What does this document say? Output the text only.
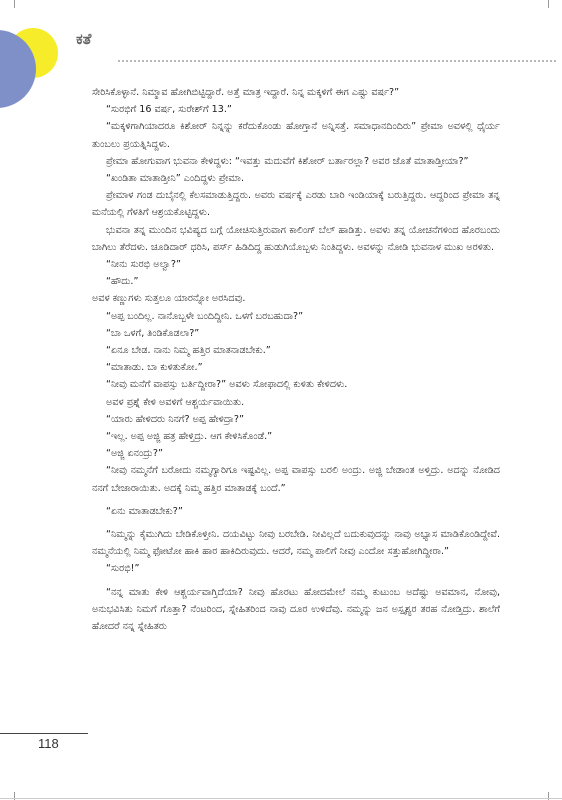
ಕತೆ

ಸೇರಿಸಿಕೊಳ್ಳಾನೆ. ನಿಮ್ಮಾವ ಹೋಗಿಬಿಟ್ಟಿದ್ದಾರೆ. ಅತ್ತೆ ಮಾತ್ರ ಇದ್ದಾರೆ. ನಿನ್ನ ಮಕ್ಕಳಿಗೆ ಈಗ ಎಷ್ಟು ವರ್ಷ?”

“ಸುರಭಿಗೆ 16 ವರ್ಷ, ಸುರೇಶ್‌ಗೆ 13.”

“ಮಕ್ಕಳಿಗಾಗಿಯಾದರೂ ಕಿಶೋರ್ ನಿನ್ನನ್ನು ಕರೆದುಕೊಂಡು ಹೋಗ್ತಾನೆ ಅನ್ನಿಸತ್ತೆ. ಸಮಾಧಾನದಿಂದಿರು” ಪ್ರೇಮಾ ಅವಳಲ್ಲಿ ಧೈರ್ಯ ತುಂಬಲು ಪ್ರಯತ್ನಿಸಿದ್ದಳು.

ಪ್ರೇಮಾ ಹೋಗುವಾಗ ಭುವನಾ ಕೇಳಿದ್ದಳು: “ಇವತ್ತು ಮದುವೆಗೆ ಕಿಶೋರ್ ಬರ್ತಾರಲ್ಲಾ? ಅವರ ಜೊತೆ ಮಾತಾಡ್ತೀಯಾ?”

“ಖಂಡಿತಾ ಮಾತಾಡ್ತೀನಿ” ಎಂದಿದ್ದಳು ಪ್ರೇಮಾ.

ಪ್ರೇಮಾಳ ಗಂಡ ದುಬೈನಲ್ಲಿ ಕೆಲಸಮಾಡುತ್ತಿದ್ದರು. ಅವರು ವರ್ಷಕ್ಕೆ ಎರಡು ಬಾರಿ ಇಂಡಿಯಾಕ್ಕೆ ಬರುತ್ತಿದ್ದರು. ಆದ್ದರಿಂದ ಪ್ರೇಮಾ ತನ್ನ ಮನೆಯಲ್ಲಿ ಗೆಳತಿಗೆ ಆಶ್ರಯಕೊಟ್ಟಿದ್ದಳು.

ಭುವನಾ ತನ್ನ ಮುಂದಿನ ಭವಿಷ್ಯದ ಬಗ್ಗೆ ಯೋಚಿಸುತ್ತಿರುವಾಗ ಕಾಲಿಂಗ್ ಬೆಲ್ ಹಾಡಿತ್ತು. ಅವಳು ತನ್ನ ಯೋಚನೆಗಳಿಂದ ಹೊರಬಂದು ಬಾಗಿಲು ತೆರೆದಳು. ಚೂಡಿದಾರ್ ಧರಿಸಿ, ಪರ್ಸ್ ಹಿಡಿದಿದ್ದ ಹುಡುಗಿಯೊಬ್ಬಳು ನಿಂತಿದ್ದಳು. ಅವಳನ್ನು ನೋಡಿ ಭುವನಾಳ ಮುಖ ಅರಳಿತು.

“ನೀನು ಸುರಭಿ ಅಲ್ವಾ?”

“ಹೌದು.”

ಅವಳ ಕಣ್ಣುಗಳು ಸುತ್ತಲೂ ಯಾರನ್ನೋ ಅರಸಿದವು.

“ಅಪ್ಪ ಬಂದಿಲ್ಲ. ನಾನೊಬ್ಬಳೇ ಬಂದಿದ್ದೀನಿ. ಒಳಗೆ ಬರಬಹುದಾ?”

“ಬಾ ಒಳಗೆ, ತಿಂಡಿಕೊಡಲಾ?”

“ಏನೂ ಬೇಡ. ನಾನು ನಿಮ್ಮ ಹತ್ತಿರ ಮಾತನಾಡಬೇಕು.”

“ಮಾತಾಡು. ಬಾ ಕುಳಿತುಕೋ.”

“ನೀವು ಮನೆಗೆ ವಾಪಸ್ಸು ಬರ್ತಿದ್ದೀರಾ?” ಅವಳು ಸೋಫಾದಲ್ಲಿ ಕುಳಿತು ಕೇಳಿದಳು.

ಅವಳ ಪ್ರಶ್ನೆ ಕೇಳಿ ಅವಳಿಗೆ ಆಶ್ಚರ್ಯವಾಯಿತು.

“ಯಾರು ಹೇಳಿದರು ನಿನಗೆ? ಅಪ್ಪ ಹೇಳಿದ್ರಾ?”

“ಇಲ್ಲ. ಅಪ್ಪ ಅಜ್ಜಿ ಹತ್ರ ಹೇಳ್ತಿದ್ರು. ಆಗ ಕೇಳಿಸಿಕೊಂಡೆ.”

“ಅಜ್ಜಿ ಏನಂದ್ರು?”

“ನೀವು ನಮ್ಮನೆಗೆ ಬರೋದು ನಮ್ಮಗ್ಯಾರಿಗೂ ಇಷ್ಟವಿಲ್ಲ. ಅಪ್ಪ ವಾಪಸ್ಸು ಬರಲಿ ಅಂದ್ರು. ಅಜ್ಜಿ ಬೇಡಾಂತ ಅಳ್ತಿದ್ರು. ಅದನ್ನು ನೋಡಿದ ನನಗೆ ಬೇಜಾರಾಯಿತು. ಅದಕ್ಕೆ ನಿಮ್ಮ ಹತ್ತಿರ ಮಾತಾಡಕ್ಕೆ ಬಂದೆ.”

“ಏನು ಮಾತಾಡಬೇಕು?”

“ನಿಮ್ಮನ್ನು ಕೈಮುಗಿದು ಬೇಡಿಕೊಳ್ತೀನಿ. ದಯವಿಟ್ಟು ನೀವು ಬರಬೇಡಿ. ನೀವಿಲ್ಲದೆ ಬದುಕುವುದನ್ನು ನಾವು ಅಭ್ಯಾಸ ಮಾಡಿಕೊಂಡಿದ್ದೇವೆ. ನಮ್ಮನೆಯಲ್ಲಿ ನಿಮ್ಮ ಫೋಟೋ ಹಾಕಿ ಹಾರ ಹಾಕಿದಿರುವುದು. ಆದರೆ, ನಮ್ಮ ಪಾಲಿಗೆ ನೀವು ಎಂದೋ ಸತ್ತುಹೋಗಿದ್ದೀರಾ.”

“ಸುರಭಿ!”

“ನನ್ನ ಮಾತು ಕೇಳಿ ಆಶ್ಚರ್ಯವಾಗ್ತಿದೆಯಾ? ನೀವು ಹೊರಟು ಹೋದಮೇಲೆ ನಮ್ಮ ಕುಟುಂಬ ಅದೆಷ್ಟು ಅವಮಾನ, ನೋವು, ಅನುಭವಿಸಿತು ನಿಮಗೆ ಗೊತ್ತಾ? ನೆಂಟರಿಂದ, ಸ್ನೇಹಿತರಿಂದ ನಾವು ದೂರ ಉಳಿದೆವು. ನಮ್ಮನ್ನು ಜನ ಅಸ್ಪೃಶ್ಯರ ತರಹ ನೋಡ್ತಿದ್ರು. ಶಾಲೆಗೆ ಹೋದರೆ ನನ್ನ ಸ್ನೇಹಿತರು

118
